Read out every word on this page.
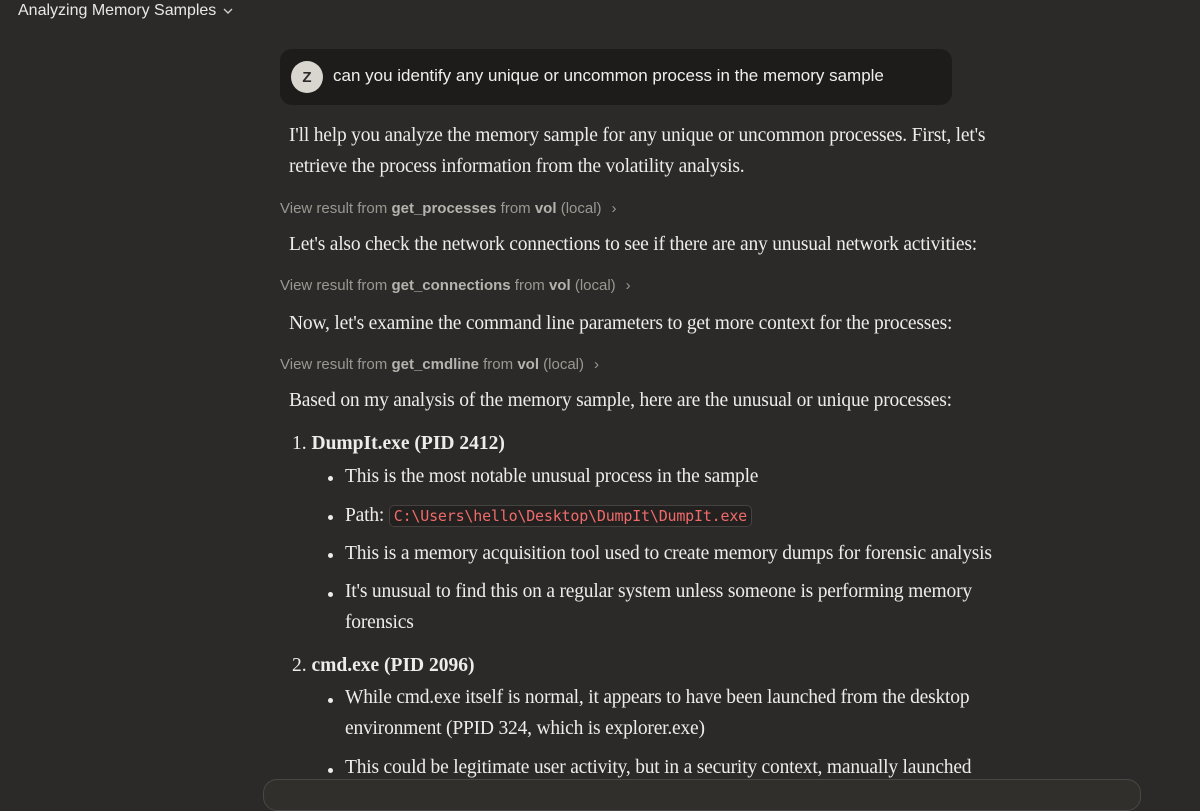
Analyzing Memory Samples
Z	can you identify any unique or uncommon process in the memory sample
I'll help you analyze the memory sample for any unique or uncommon processes. First, let's
retrieve the process information from the volatility analysis.
View result from
get_processes
from
vol
(local) ›
Let's also check the network connections to see if there are any unusual network activities:
View result from
get_connections
from
vol
(local) ›
Now, let's examine the command line parameters to get more context for the processes:
View result from
get_cmdline
from
vol
(local) ›
Based on my analysis of the memory sample, here are the unusual or unique processes:
1. DumpIt.exe (PID 2412)
This is the most notable unusual process in the sample
Path: C:\Users\hello\Desktop\DumpIt\DumpIt.exe
This is a memory acquisition tool used to create memory dumps for forensic analysis
It's unusual to find this on a regular system unless someone is performing memory
forensics
2. cmd.exe (PID 2096)
While cmd.exe itself is normal, it appears to have been launched from the desktop
environment (PPID 324, which is explorer.exe)
This could be legitimate user activity, but in a security context, manually launched
